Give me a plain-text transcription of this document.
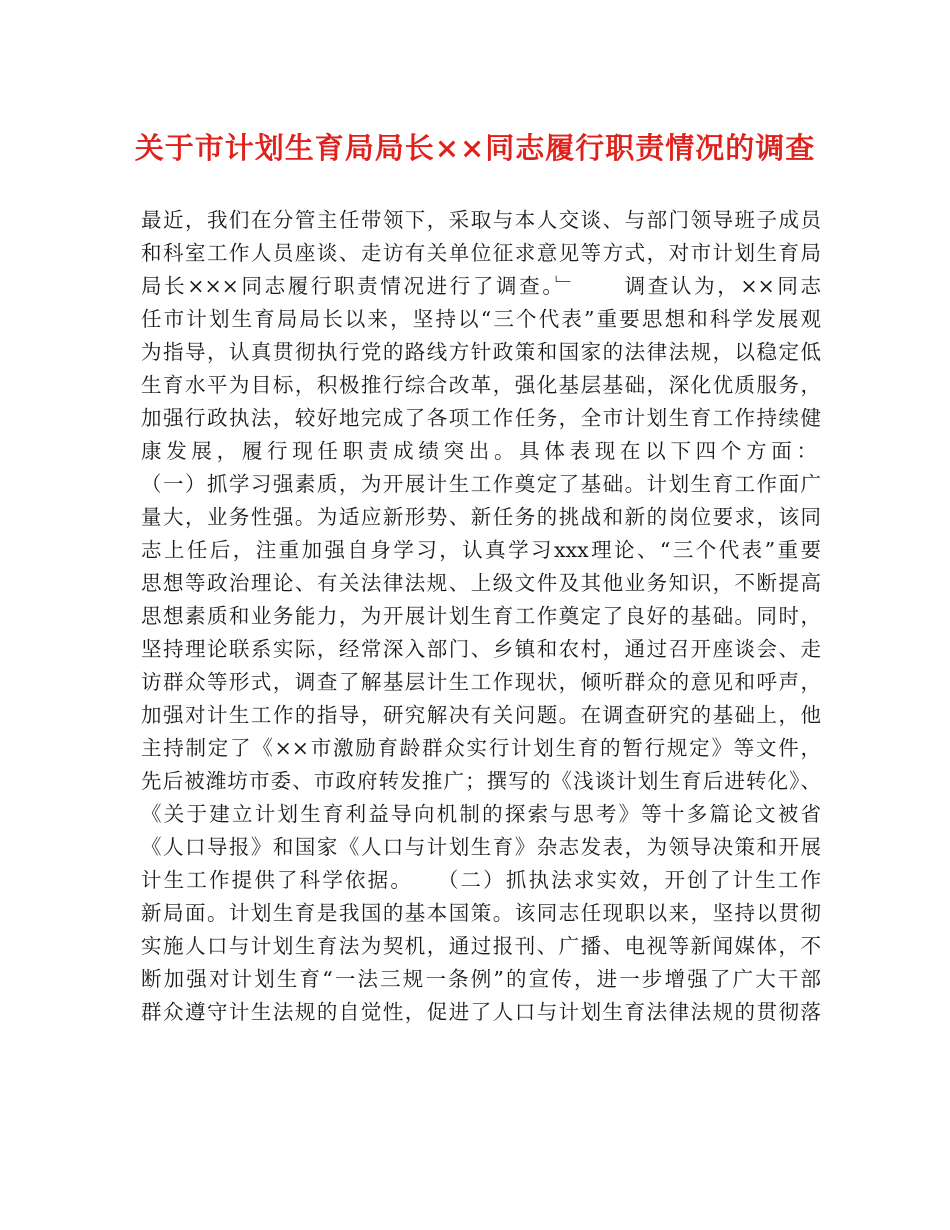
关于市计划生育局局长××同志履行职责情况的调查
最近，我们在分管主任带领下，采取与本人交谈、与部门领导班子成员
和科室工作人员座谈、走访有关单位征求意见等方式，对市计划生育局
局长×××同志履行职责情况进行了调查。﹂　　调查认为，××同志
任市计划生育局局长以来，坚持以“三个代表”重要思想和科学发展观
为指导，认真贯彻执行党的路线方针政策和国家的法律法规，以稳定低
生育水平为目标，积极推行综合改革，强化基层基础，深化优质服务，
加强行政执法，较好地完成了各项工作任务，全市计划生育工作持续健
康发展，履行现任职责成绩突出。具体表现在以下四个方面：
（一）抓学习强素质，为开展计生工作奠定了基础。计划生育工作面广
量大，业务性强。为适应新形势、新任务的挑战和新的岗位要求，该同
志上任后，注重加强自身学习，认真学习xxx理论、“三个代表”重要
思想等政治理论、有关法律法规、上级文件及其他业务知识，不断提高
思想素质和业务能力，为开展计划生育工作奠定了良好的基础。同时，
坚持理论联系实际，经常深入部门、乡镇和农村，通过召开座谈会、走
访群众等形式，调查了解基层计生工作现状，倾听群众的意见和呼声，
加强对计生工作的指导，研究解决有关问题。在调查研究的基础上，他
主持制定了《××市激励育龄群众实行计划生育的暂行规定》等文件，
先后被潍坊市委、市政府转发推广；撰写的《浅谈计划生育后进转化》、
《关于建立计划生育利益导向机制的探索与思考》等十多篇论文被省
《人口导报》和国家《人口与计划生育》杂志发表，为领导决策和开展
计生工作提供了科学依据。　　（二）抓执法求实效，开创了计生工作
新局面。计划生育是我国的基本国策。该同志任现职以来，坚持以贯彻
实施人口与计划生育法为契机，通过报刊、广播、电视等新闻媒体，不
断加强对计划生育“一法三规一条例”的宣传，进一步增强了广大干部
群众遵守计生法规的自觉性，促进了人口与计划生育法律法规的贯彻落
